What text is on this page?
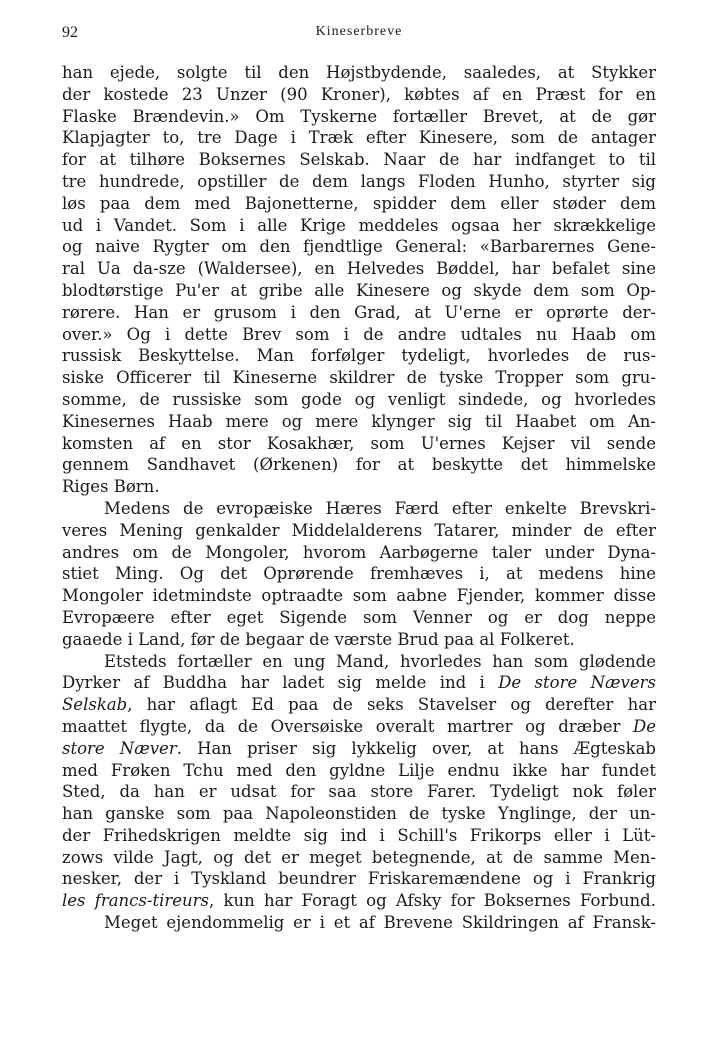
92	Kineserbreve
han ejede, solgte til den Højstbydende, saaledes, at Stykker
der kostede 23 Unzer (90 Kroner), købtes af en Præst for en
Flaske Brændevin.» Om Tyskerne fortæller Brevet, at de gør
Klapjagter to, tre Dage i Træk efter Kinesere, som de antager
for at tilhøre Boksernes Selskab. Naar de har indfanget to til
tre hundrede, opstiller de dem langs Floden Hunho, styrter sig
løs paa dem med Bajonetterne, spidder dem eller støder dem
ud i Vandet. Som i alle Krige meddeles ogsaa her skrækkelige
og naive Rygter om den fjendtlige General: «Barbarernes Gene-
ral Ua da-sze (Waldersee), en Helvedes Bøddel, har befalet sine
blodtørstige Pu'er at gribe alle Kinesere og skyde dem som Op-
rørere. Han er grusom i den Grad, at U'erne er oprørte der-
over.» Og i dette Brev som i de andre udtales nu Haab om
russisk Beskyttelse. Man forfølger tydeligt, hvorledes de rus-
siske Officerer til Kineserne skildrer de tyske Tropper som gru-
somme, de russiske som gode og venligt sindede, og hvorledes
Kinesernes Haab mere og mere klynger sig til Haabet om An-
komsten af en stor Kosakhær, som U'ernes Kejser vil sende
gennem Sandhavet (Ørkenen) for at beskytte det himmelske
Riges Børn.
Medens de evropæiske Hæres Færd efter enkelte Brevskri-
veres Mening genkalder Middelalderens Tatarer, minder de efter
andres om de Mongoler, hvorom Aarbøgerne taler under Dyna-
stiet Ming. Og det Oprørende fremhæves i, at medens hine
Mongoler idetmindste optraadte som aabne Fjender, kommer disse
Evropæere efter eget Sigende som Venner og er dog neppe
gaaede i Land, før de begaar de værste Brud paa al Folkeret.
Etsteds fortæller en ung Mand, hvorledes han som glødende
Dyrker af Buddha har ladet sig melde ind i De store Nævers
Selskab, har aflagt Ed paa de seks Stavelser og derefter har
maattet flygte, da de Oversøiske overalt martrer og dræber De
store Næver. Han priser sig lykkelig over, at hans Ægteskab
med Frøken Tchu med den gyldne Lilje endnu ikke har fundet
Sted, da han er udsat for saa store Farer. Tydeligt nok føler
han ganske som paa Napoleonstiden de tyske Ynglinge, der un-
der Frihedskrigen meldte sig ind i Schill's Frikorps eller i Lüt-
zows vilde Jagt, og det er meget betegnende, at de samme Men-
nesker, der i Tyskland beundrer Friskaremændene og i Frankrig
les francs-tireurs, kun har Foragt og Afsky for Boksernes Forbund.
Meget ejendommelig er i et af Brevene Skildringen af Fransk-
